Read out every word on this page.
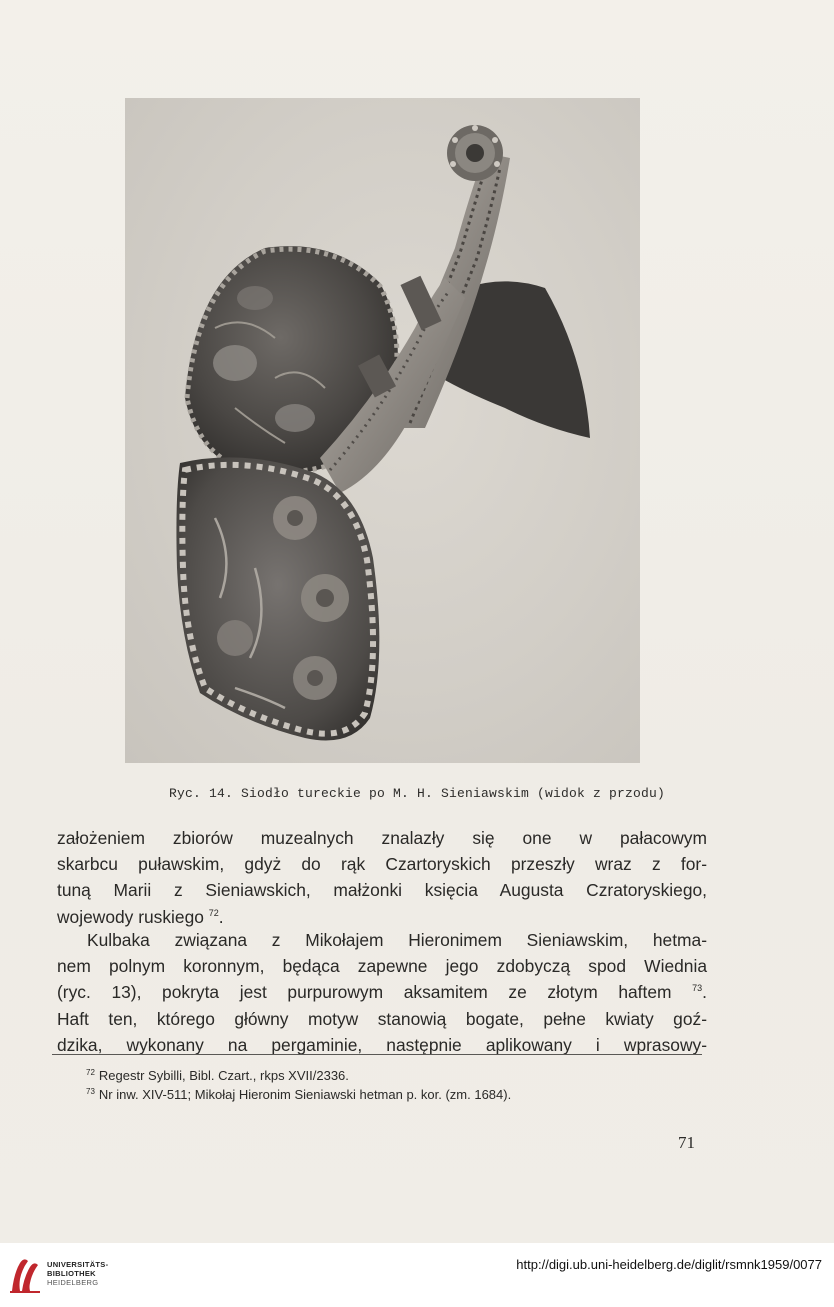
Ryc. 14. Siodło tureckie po M. H. Sieniawskim (widok z przodu)
założeniem zbiorów muzealnych znalazły się one w pałacowym
skarbcu puławskim, gdyż do rąk Czartoryskich przeszły wraz z for-
tuną Marii z Sieniawskich, małżonki księcia Augusta Czratoryskiego,
wojewody ruskiego $^{72}$.
Kulbaka związana z Mikołajem Hieronimem Sieniawskim, hetma-
nem polnym koronnym, będąca zapewne jego zdobyczą spod Wiednia
(ryc. 13), pokryta jest purpurowym aksamitem ze złotym haftem $^{73}$.
Haft ten, którego główny motyw stanowią bogate, pełne kwiaty goź-
dzika, wykonany na pergaminie, następnie aplikowany i wprasowy-
$^{72}$ Regestr Sybilli, Bibl. Czart., rkps XVII/2336.
$^{73}$ Nr inw. XIV-511; Mikołaj Hieronim Sieniawski hetman p. kor. (zm. 1684).
71
UNIVERSITÄTS-
BIBLIOTHEK
HEIDELBERG
http://digi.ub.uni-heidelberg.de/diglit/rsmnk1959/0077
